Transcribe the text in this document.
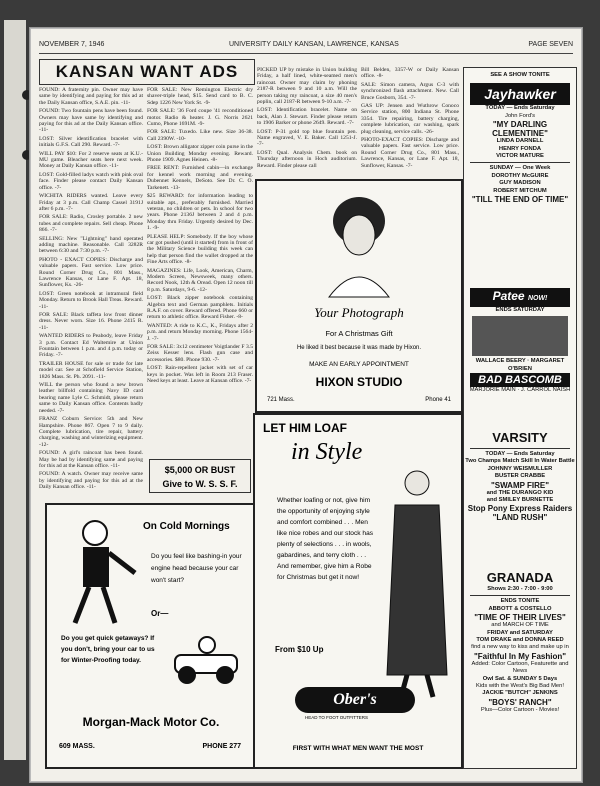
NOVEMBER 7, 1946	UNIVERSITY DAILY KANSAN, LAWRENCE, KANSAS	PAGE SEVEN
KANSAN WANT ADS

FOUND: A fraternity pin. Owner may have same by identifying and paying for this ad at the Daily Kansan office, S.A.E. pin. -11-

FOUND: Two fountain pens have been found. Owners may have same by identifying and paying for this ad at the Daily Kansan office. -11-

LOST: Silver identification bracelet with initials G.F.S. Call 290. Reward. -7-

WILL PAY $10: For 2 reserve seats at K.U.-MU game. Bleacher seats here next week. Money at Daily Kansan office. -11-

LOST: Gold-filled ladys watch with pink oval face. Finder please contact Daily Kansan office. -7-

WICHITA RIDERS wanted. Leave every Friday at 3 p.m. Call Champ Cassel 3191J after 6 p.m. -7-

FOR SALE: Radio, Crosley portable. 2 new tubes and complete repairs. Sell cheap. Phone 866. -7-

SELLING: New "Lightning" hand operated adding machine. Reasonable. Call 3282R between 6:30 and 7:30 p.m. -7-

PHOTO - EXACT COPIES: Discharge and valuable papers. Fast service. Low price. Round Corner Drug Co., 801 Mass., Lawrence Kansas, or Lane F. Apt. 18, Sunflower, Ks. -26-

LOST: Green notebook at intramural field Monday. Return to Brook Hall Treas. Reward. -11-

FOR SALE: Black taffeta low front dinner dress. Never worn. Size 16. Phone 2415 R. -11-

WANTED RIDERS to Peabody, leave Friday 3 p.m. Contact Ed Waltemire at Union Fountain between 1 p.m. and 4 p.m. today or Friday. -7-

TRAILER HOUSE for sale or trade for late model car. See at Schofield Service Station, 1826 Mass. St. Ph. 2091. -11-

WILL the person who found a new brown leather billfold containing Navy ID card bearing name Lyle C. Schmidt, please return same to Daily Kansan office. Contents badly needed. -7-

FRANZ Coburn Service: 5th and New Hampshire. Phone 867. Open 7 to 9 daily. Complete lubrication, tire repair, battery charging, washing and winterizing equipment. -12-

FOUND: A girl's raincoat has been found. May be had by identifying same and paying for this ad at the Kansan office. -11-

FOUND: A watch. Owner may receive same by identifying and paying for this ad at the Daily Kansan office. -11-

FOR SALE: New Remington Electric dry shaver-triple head, $15. Send card to B. C. Sdep 1226 New York St. -9-

FOR SALE: '36 Ford coupe '41 reconditioned motor. Radio & heater. J. G. Norris 2621 Cumo, Phone 1691M. -9-

FOR SALE: Tuxedo. Like new. Size 36-38. Call 2390W. -10-

LOST: Brown alligator zipper coin purse in the Union Building Monday evening. Reward. Phone 1909. Agnes Heinen. -8-

FREE RENT: Furnished cabin—in exchange for kennel work morning and evening. Dubennet Kennels, DeSoto. See Dr. C. O. Tarkenett. -13-

$25 REWARD: for information leading to suitable apt., preferably furnished. Married veteran, no children or pets. In school for two years. Phone 2136J between 2 and 4 p.m. Monday thru Friday. Urgently desired by Dec. 1. -9-

PLEASE HELP: Somebody. If the boy whose car got pushed (until it started) from in front of the Military Science building this week can help that person find the wallet dropped at the Fine Arts office. -8-

MAGAZINES: Life, Look, American, Charm, Modern Screen, Newsweek, many others. Record Nook, 12th & Oread. Open 12 noon till 8 p.m. Saturdays, 9-6. -12-

LOST: Black zipper notebook containing Algebra text and German pamphlets. Initials R.A.F. on cover. Reward offered. Phone 660 or return to athletic office. Reward Fisher. -8-

WANTED: A ride to K.C., K., Fridays after 2 p.m. and return Monday morning. Phone 1564-J. -7-

FOR SALE: 3x12 centimeter Voigtlander F 3.5 Zeiss Kesser lens. Flash gun case and accessories. $80. Phone 930. -7-

LOST: Rain-repellent jacket with set of car keys in pocket. Was left in Room 213 Fraser. Need keys at least. Leave at Kansan office. -7-

PICKED UP by mistake in Union building Friday, a half lined, white-seamed men's raincoat. Owner may claim by phoning 2187-R between 9 and 10 a.m. Will the person taking my raincoat, a size 40 men's poplin, call 2187-R between 9-10 a.m. -7-

LOST: Identification bracelet. Name on back, Alan J. Stewart. Finder please return to 1906 Barker or phone 2649. Reward. -7-

LOST: P-31 gold top blue fountain pen. Name engraved, V. E. Baker. Call 1251-J. -7-

LOST: Qual. Analysis Chem. book on Thursday afternoon in Hoch auditorium. Reward. Finder please call

Bill Belden, 3357-W or Daily Kansan office. -8-

SALE: Simon camera, Argus C-3 with synchronized flash attachment. New. Call Bruce Gosborn, 354. -7-

GAS UP: Jensen and Wuthrow Conoco Service station, 800 Indiana St. Phone 3354. Tire repairing, battery charging, complete lubrication, car washing, spark plug cleaning, service calls. -26-

PHOTO-EXACT COPIES: Discharge and valuable papers. Fast service. Low price. Round Corner Drug Co., 801 Mass., Lawrence, Kansas, or Lane F. Apt. 18, Sunflower, Kansas. -7-

$5,000 OR BUST
Give to W. S. S. F.
On Cold Mornings
Do you feel like bashing-in your engine head because your car won't start?
Or—
Do you get quick getaways? If you don't, bring your car to us for Winter-Proofing today.
Morgan-Mack Motor Co.
609 MASS.	PHONE 277
Your Photograph
For A Christmas Gift
He liked it best because it was made by Hixon.
MAKE AN EARLY APPOINTMENT
HIXON STUDIO
721 Mass.	Phone 41
LET HIM LOAF
in Style
Whether loafing or not, give him the opportunity of enjoying style and comfort combined . . . Men like nice robes and our stock has plenty of selections . . . in wools, gabardines, and terry cloth . . . And remember, give him a Robe for Christmas but get it now!
From $10 Up
Ober's
HEAD TO FOOT OUTFITTERS
FIRST WITH WHAT MEN WANT THE MOST
SEE A SHOW TONITE
Jayhawker
TODAY — Ends Saturday
John Ford's
"MY DARLING CLEMENTINE"
LINDA DARNELL
HENRY FONDA
VICTOR MATURE
SUNDAY — One Week
DOROTHY McGUIRE
GUY MADISON
ROBERT MITCHUM
"TILL THE END OF TIME"
Patee NOW!
ENDS SATURDAY
WALLACE BEERY · MARGARET O'BRIEN
BAD BASCOMB
MARJORIE MAIN · J. CARROL NAISH
VARSITY
TODAY — Ends Saturday
Two Champs Match Skill In Water Battle
JOHNNY WEISMULLER
BUSTER CRABBE
"SWAMP FIRE"
and THE DURANGO KID
and SMILEY BURNETTE
Stop Pony Express Raiders "LAND RUSH"
GRANADA
Shows 2:30 - 7:00 - 9:00
ENDS TONITE
ABBOTT & COSTELLO
"TIME OF THEIR LIVES"
and MARCH OF TIME
FRIDAY and SATURDAY
TOM DRAKE and DONNA REED
find a new way to kiss and make up in
"Faithful In My Fashion"
Added: Color Cartoon, Featurette and News
Owl Sat. & SUNDAY 5 Days
Kids with the West's Big Bad Men!
JACKIE "BUTCH" JENKINS
"BOYS' RANCH"
Plus—Color Cartoon - Movies!
